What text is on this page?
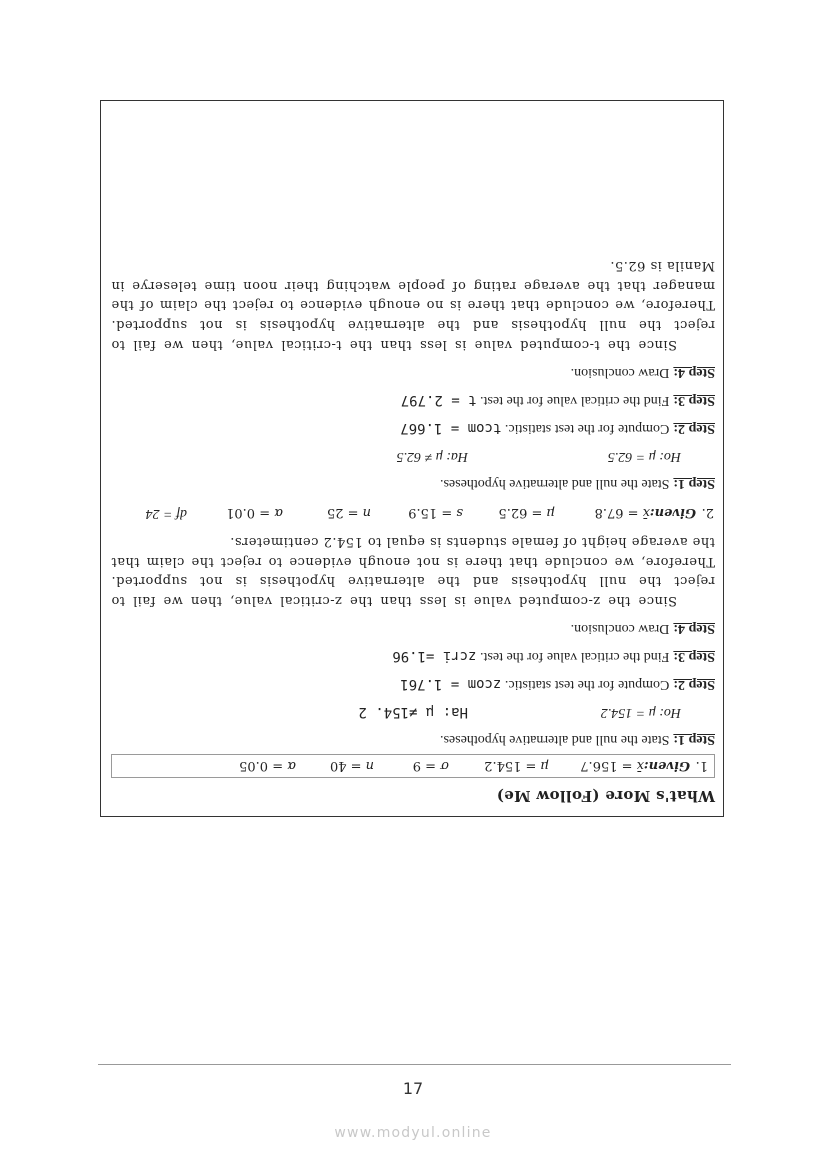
What's More (Follow Me)
1.
Given:
x̄ = 156.7
μ = 154.2
σ = 9
n = 40
α = 0.05
Step 1:
State the null and alternative hypotheses.
Ho: μ = 154.2
Ha: μ ≠154. 2
Step 2:
Compute for the test statistic.

zcom = 1.761
Step 3:
Find the critical value for the test.

zcri =1.96
Step 4:
Draw conclusion.

Since the z-computed value is less than the z-critical value, then we fail to reject the null hypothesis and the alternative hypothesis is not supported. Therefore, we conclude that there is not enough evidence to reject the claim that the average height of female students is equal to 154.2 centimeters.

2.
Given:
x̄ = 67.8
μ = 62.5
s = 15.9
n = 25
α = 0.01
df = 24
Step 1:
State the null and alternative hypotheses.
Ho: μ = 62.5
Ha: μ ≠ 62.5
Step 2:
Compute for the test statistic.

tcom = 1.667
Step 3:
Find the critical value for the test.

t = 2.797
Step 4:
Draw conclusion.

Since the t-computed value is less than the t-critical value, then we fail to reject the null hypothesis and the alternative hypothesis is not supported. Therefore, we conclude that there is no enough evidence to reject the claim of the manager that the average rating of people watching their noon time teleserye in Manila is 62.5.

17
www.modyul.online
